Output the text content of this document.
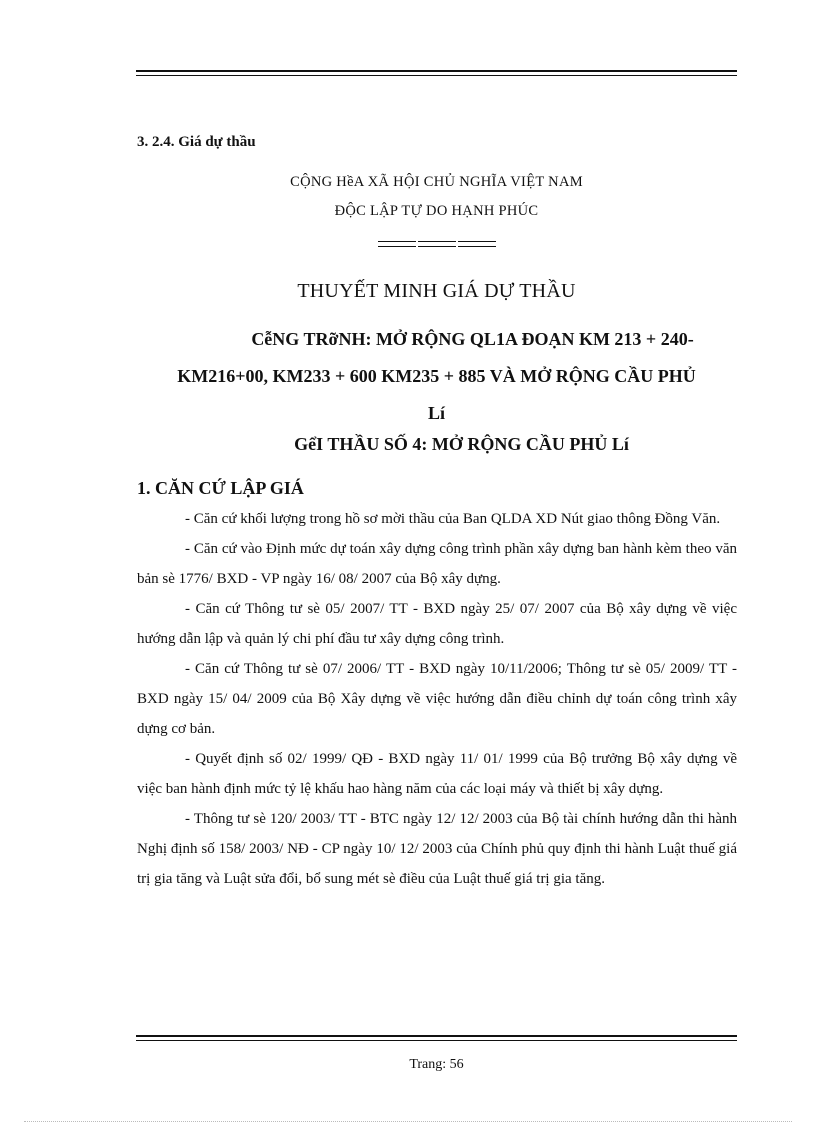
3. 2.4. Giá dự thầu
CỘNG HềA XÃ HỘI CHỦ NGHĨA VIỆT NAM
ĐỘC LẬP TỰ DO HẠNH PHÚC
THUYẾT MINH GIÁ DỰ THẦU
CễNG TRỡNH: MỞ RỘNG QL1A ĐOẠN KM 213 + 240-
KM216+00, KM233 + 600 KM235 + 885 VÀ MỞ RỘNG CẦU PHỦ
Lí
GểI THẦU SỐ 4: MỞ RỘNG CẦU PHỦ Lí
1. CĂN CỨ LẬP GIÁ

- Căn cứ khối lượng trong hồ sơ mời thầu của Ban QLDA XD Nút giao thông Đồng Văn.

- Căn cứ vào Định mức dự toán xây dựng công trình phần xây dựng ban hành kèm theo văn bản sè 1776/ BXD - VP ngày 16/ 08/ 2007 của Bộ xây dựng.

- Căn cứ Thông tư sè 05/ 2007/ TT - BXD ngày 25/ 07/ 2007 của Bộ xây dựng về việc hướng dẫn lập và quản lý chi phí đầu tư xây dựng công trình.

- Căn cứ Thông tư sè 07/ 2006/ TT - BXD ngày 10/11/2006; Thông tư sè 05/ 2009/ TT - BXD ngày 15/ 04/ 2009 của Bộ Xây dựng về việc hướng dẫn điều chỉnh dự toán công trình xây dựng cơ bản.

- Quyết định số 02/ 1999/ QĐ - BXD ngày 11/ 01/ 1999 của Bộ trưởng Bộ xây dựng về việc ban hành định mức tỷ lệ khấu hao hàng năm của các loại máy và thiết bị xây dựng.

- Thông tư sè 120/ 2003/ TT - BTC ngày 12/ 12/ 2003 của Bộ tài chính hướng dẫn thi hành Nghị định số 158/ 2003/ NĐ - CP ngày 10/ 12/ 2003 của Chính phủ quy định thi hành Luật thuế giá trị gia tăng và Luật sửa đổi, bổ sung mét sè điều của Luật thuế giá trị gia tăng.

Trang: 56
